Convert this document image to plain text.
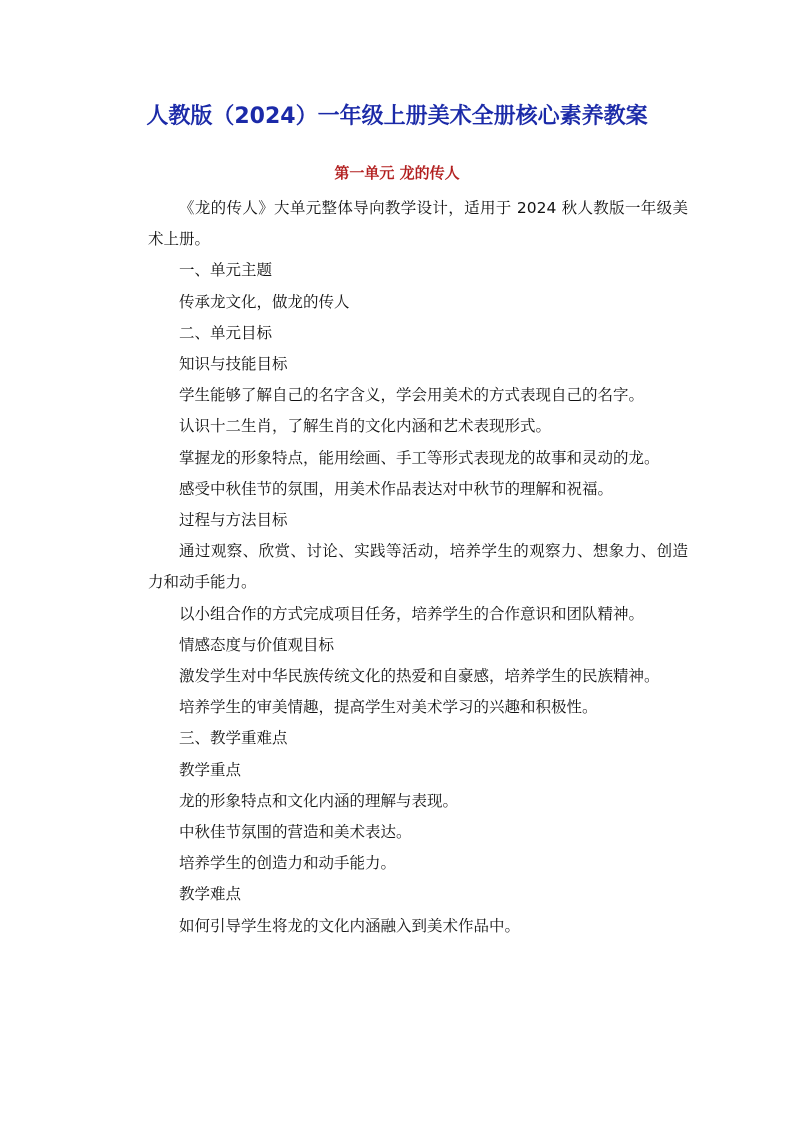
人教版（2024）一年级上册美术全册核心素养教案
第一单元 龙的传人

《龙的传人》大单元整体导向教学设计，适用于 2024 秋人教版一年级美术上册。

一、单元主题

传承龙文化，做龙的传人

二、单元目标

知识与技能目标

学生能够了解自己的名字含义，学会用美术的方式表现自己的名字。

认识十二生肖，了解生肖的文化内涵和艺术表现形式。

掌握龙的形象特点，能用绘画、手工等形式表现龙的故事和灵动的龙。

感受中秋佳节的氛围，用美术作品表达对中秋节的理解和祝福。

过程与方法目标

通过观察、欣赏、讨论、实践等活动，培养学生的观察力、想象力、创造力和动手能力。

以小组合作的方式完成项目任务，培养学生的合作意识和团队精神。

情感态度与价值观目标

激发学生对中华民族传统文化的热爱和自豪感，培养学生的民族精神。

培养学生的审美情趣，提高学生对美术学习的兴趣和积极性。

三、教学重难点

教学重点

龙的形象特点和文化内涵的理解与表现。

中秋佳节氛围的营造和美术表达。

培养学生的创造力和动手能力。

教学难点

如何引导学生将龙的文化内涵融入到美术作品中。
